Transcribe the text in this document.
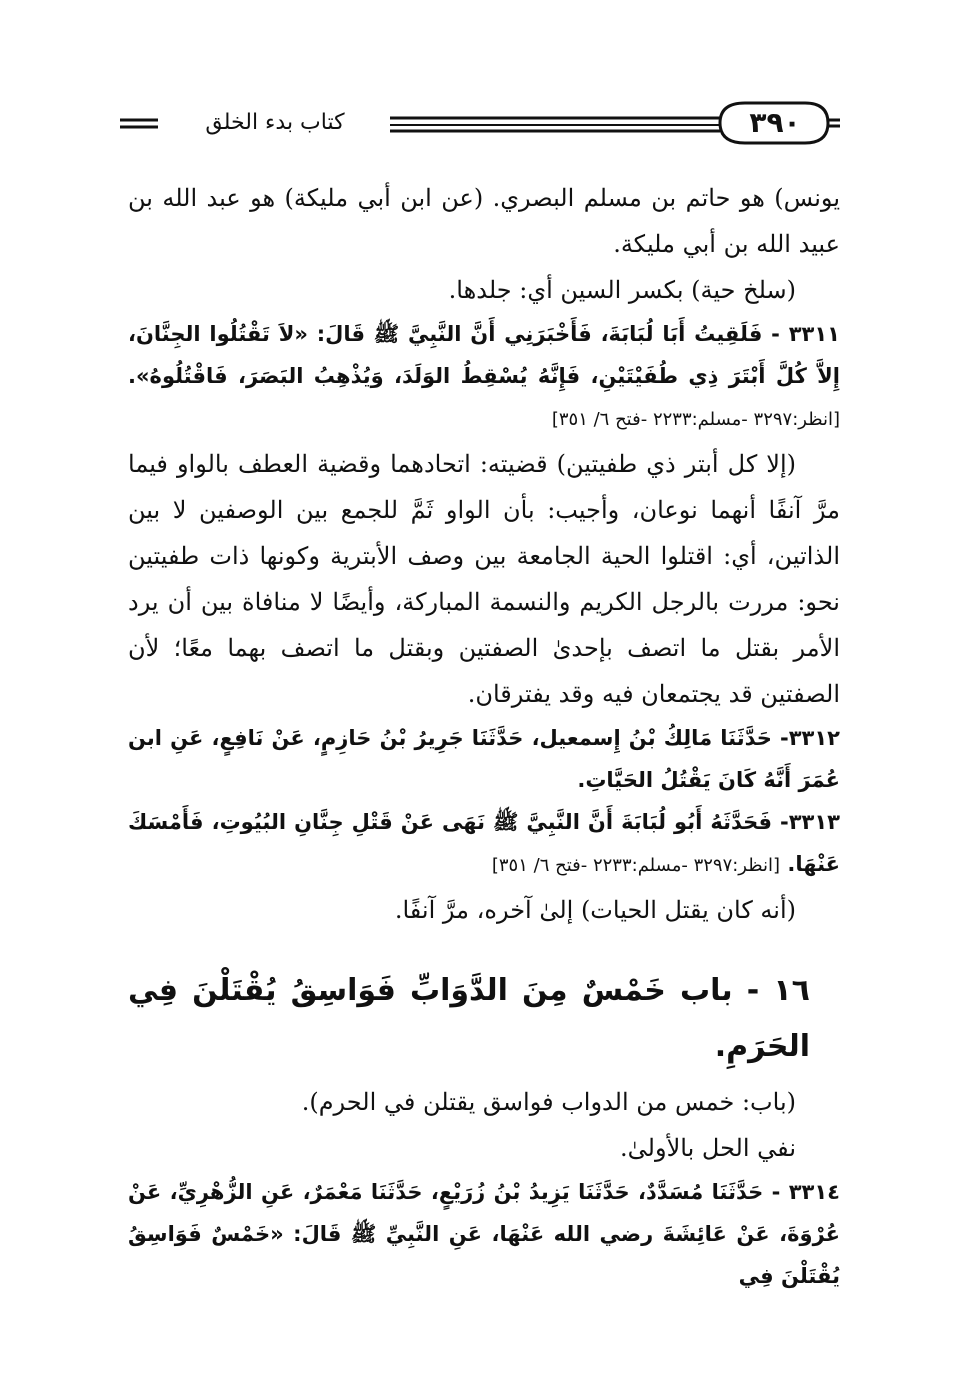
٣٩٠
كتاب بدء الخلق

يونس) هو حاتم بن مسلم البصري. (عن ابن أبي مليكة) هو عبد الله بن عبيد الله بن أبي مليكة.

(سلخ حية) بكسر السين أي: جلدها.

٣٣١١ - فَلَقِيتُ أَبَا لُبَابَةَ، فَأَخْبَرَنِي أَنَّ النَّبِيَّ ﷺ قَالَ: «لاَ تَقْتُلُوا الجِنَّانَ، إِلاَّ كُلَّ أَبْتَرَ ذِي طُفَيْتَيْنِ، فَإِنَّهُ يُسْقِطُ الوَلَدَ، وَيُذْهِبُ البَصَرَ، فَاقْتُلُوهُ». [انظر:٣٢٩٧ -مسلم:٢٢٣٣ -فتح ٦/ ٣٥١]

(إلا كل أبتر ذي طفيتين) قضيته: اتحادهما وقضية العطف بالواو فيما مرَّ آنفًا أنهما نوعان، وأجيب: بأن الواو ثَمَّ للجمع بين الوصفين لا بين الذاتين، أي: اقتلوا الحية الجامعة بين وصف الأبترية وكونها ذات طفيتين نحو: مررت بالرجل الكريم والنسمة المباركة، وأيضًا لا منافاة بين أن يرد الأمر بقتل ما اتصف بإحدىٰ الصفتين وبقتل ما اتصف بهما معًا؛ لأن الصفتين قد يجتمعان فيه وقد يفترقان.

٣٣١٢- حَدَّثَنَا مَالِكُ بْنُ إِسمعيل، حَدَّثَنَا جَرِيرُ بْنُ حَازِمٍ، عَنْ نَافِعٍ، عَنِ ابن عُمَرَ أَنَّهُ كَانَ يَقْتُلُ الحَيَّاتِ.

٣٣١٣- فَحَدَّثَهُ أَبُو لُبَابَةَ أَنَّ النَّبِيَّ ﷺ نَهَى عَنْ قَتْلِ جِنَّانِ البُيُوتِ، فَأَمْسَكَ عَنْهَا. [انظر:٣٢٩٧ -مسلم:٢٢٣٣ -فتح ٦/ ٣٥١]

(أنه كان يقتل الحيات) إلىٰ آخره، مرَّ آنفًا.

١٦ - باب خَمْسٌ مِنَ الدَّوَابِّ فَوَاسِقُ يُقْتَلْنَ فِي الحَرَمِ.

(باب: خمس من الدواب فواسق يقتلن في الحرم).

نفي الحل بالأولىٰ.

٣٣١٤ - حَدَّثَنَا مُسَدَّدٌ، حَدَّثَنَا يَزِيدُ بْنُ زُرَيْعٍ، حَدَّثَنَا مَعْمَرٌ، عَنِ الزُّهْرِيِّ، عَنْ عُرْوَةَ، عَنْ عَائِشَةَ رضي الله عَنْهَا، عَنِ النَّبِيِّ ﷺ قَالَ: «خَمْسٌ فَوَاسِقُ يُقْتَلْنَ فِي
